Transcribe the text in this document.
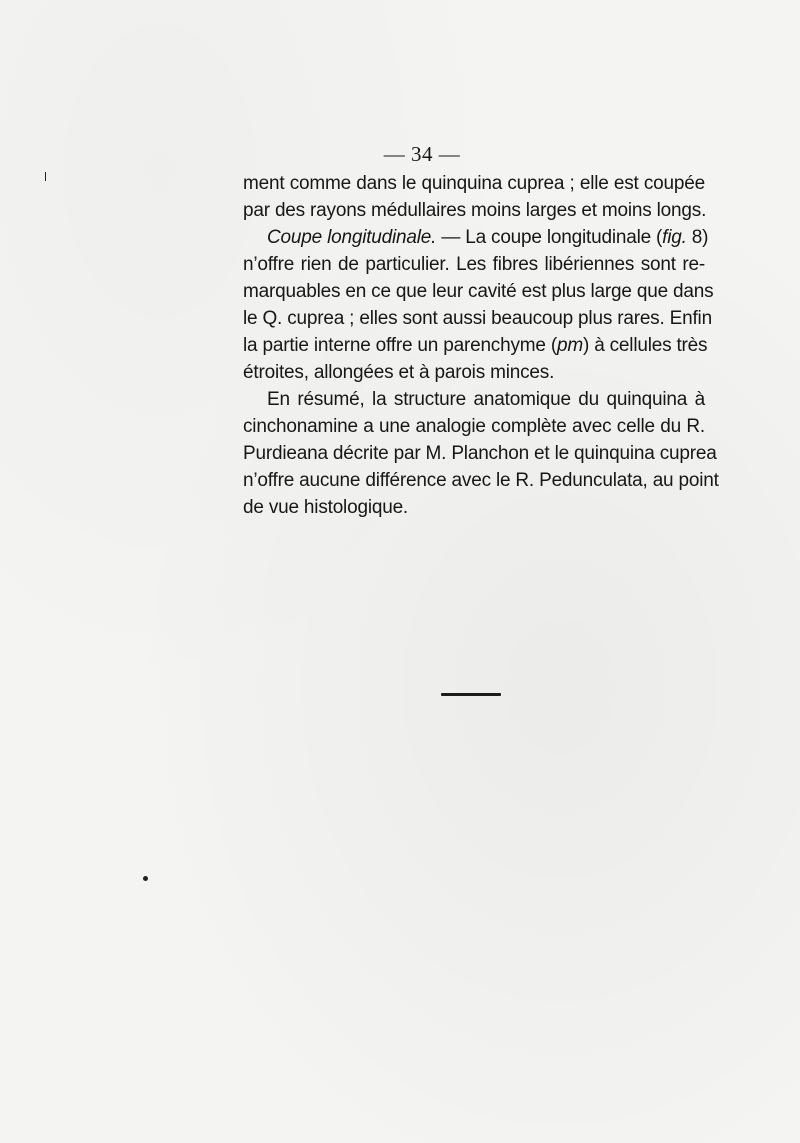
— 34 —
ment comme dans le quinquina cuprea ; elle est coupée
par des rayons médullaires moins larges et moins longs.
Coupe longitudinale. — La coupe longitudinale (fig. 8)
n’offre rien de particulier. Les fibres libériennes sont re-
marquables en ce que leur cavité est plus large que dans
le Q. cuprea ; elles sont aussi beaucoup plus rares. Enfin
la partie interne offre un parenchyme (pm) à cellules très
étroites, allongées et à parois minces.
En résumé, la structure anatomique du quinquina à
cinchonamine a une analogie complète avec celle du R.
Purdieana décrite par M. Planchon et le quinquina cuprea
n’offre aucune différence avec le R. Pedunculata, au point
de vue histologique.
